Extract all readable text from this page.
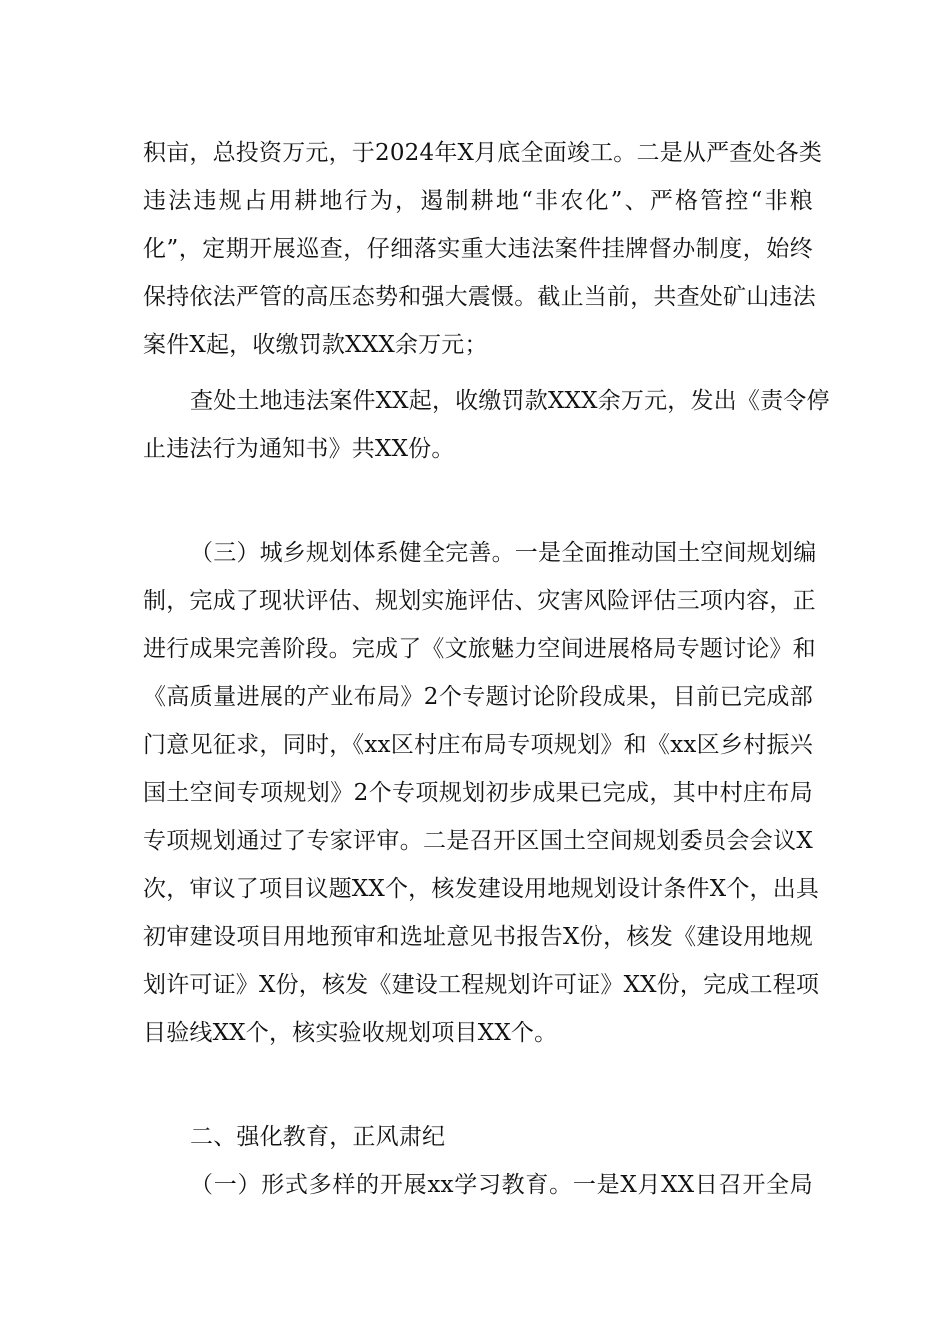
积亩，总投资万元，于2024年X月底全面竣工。二是从严查处各类
违法违规占用耕地行为，遏制耕地“非农化”、严格管控“非粮
化”，定期开展巡查，仔细落实重大违法案件挂牌督办制度，始终
保持依法严管的高压态势和强大震慑。截止当前，共查处矿山违法
案件X起，收缴罚款XXX余万元；
查处土地违法案件XX起，收缴罚款XXX余万元，发出《责令停
止违法行为通知书》共XX份。
（三）城乡规划体系健全完善。一是全面推动国土空间规划编
制，完成了现状评估、规划实施评估、灾害风险评估三项内容，正
进行成果完善阶段。完成了《文旅魅力空间进展格局专题讨论》和
《高质量进展的产业布局》2个专题讨论阶段成果，目前已完成部
门意见征求，同时，《xx区村庄布局专项规划》和《xx区乡村振兴
国土空间专项规划》2个专项规划初步成果已完成，其中村庄布局
专项规划通过了专家评审。二是召开区国土空间规划委员会会议X
次，审议了项目议题XX个，核发建设用地规划设计条件X个，出具
初审建设项目用地预审和选址意见书报告X份，核发《建设用地规
划许可证》X份，核发《建设工程规划许可证》XX份，完成工程项
目验线XX个，核实验收规划项目XX个。
二、强化教育，正风肃纪
（一）形式多样的开展xx学习教育。一是X月XX日召开全局
